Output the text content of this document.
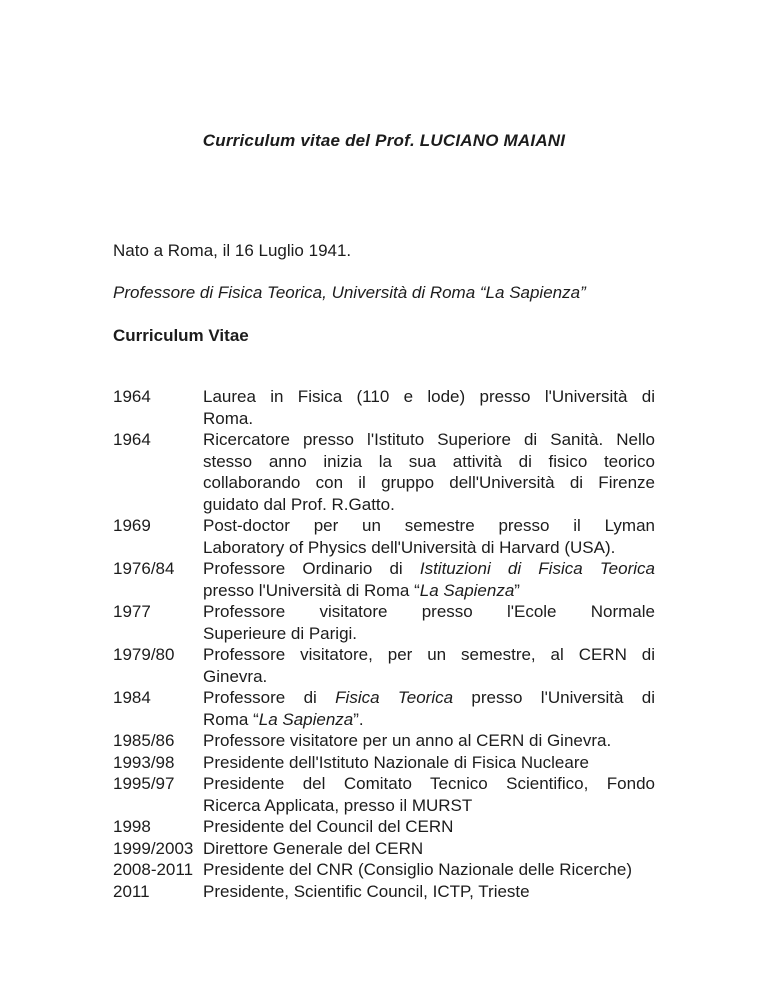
Curriculum vitae del Prof. LUCIANO MAIANI

Nato a Roma, il 16 Luglio 1941.

Professore di Fisica Teorica, Università di Roma “La Sapienza”

Curriculum Vitae
1964	Laurea in Fisica (110 e lode) presso l'Università di
Roma.
1964	Ricercatore presso l'Istituto Superiore di Sanità. Nello
stesso anno inizia la sua attività di fisico teorico
collaborando con il gruppo dell'Università di Firenze
guidato dal Prof. R.Gatto.
1969	Post-doctor per un semestre presso il Lyman
Laboratory of Physics dell'Università di Harvard (USA).
1976/84	Professore Ordinario di Istituzioni di Fisica Teorica
presso l'Università di Roma “La Sapienza”
1977	Professore visitatore presso l'Ecole Normale
Superieure di Parigi.
1979/80	Professore visitatore, per un semestre, al CERN di
Ginevra.
1984	Professore di Fisica Teorica presso l'Università di
Roma “La Sapienza”.
1985/86	Professore visitatore per un anno al CERN di Ginevra.
1993/98	Presidente dell'Istituto Nazionale di Fisica Nucleare
1995/97	Presidente del Comitato Tecnico Scientifico, Fondo
Ricerca Applicata, presso il MURST
1998	Presidente del Council del CERN
1999/2003 Direttore Generale del CERN
2008-2011 Presidente del CNR (Consiglio Nazionale delle Ricerche)
2011	Presidente, Scientific Council, ICTP, Trieste
